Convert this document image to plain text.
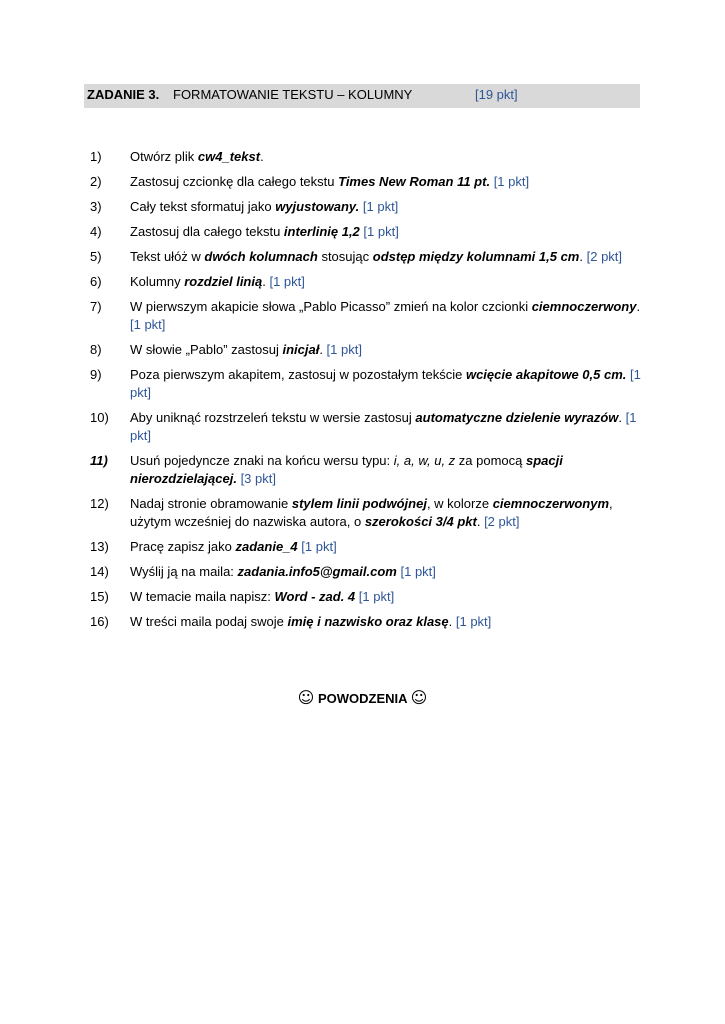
ZADANIE 3. FORMATOWANIE TEKSTU – KOLUMNY	[19 pkt]
1)	Otwórz plik cw4_tekst.
2)	Zastosuj czcionkę dla całego tekstu Times New Roman 11 pt. [1 pkt]
3)	Cały tekst sformatuj jako wyjustowany. [1 pkt]
4)	Zastosuj dla całego tekstu interlinię 1,2 [1 pkt]
5)	Tekst ułóż w dwóch kolumnach stosując odstęp między kolumnami 1,5 cm. [2 pkt]
6)	Kolumny rozdziel linią. [1 pkt]
7)	W pierwszym akapicie słowa „Pablo Picasso” zmień na kolor czcionki ciemnoczerwony. [1 pkt]
8)	W słowie „Pablo” zastosuj inicjał. [1 pkt]
9)	Poza pierwszym akapitem, zastosuj w pozostałym tekście wcięcie akapitowe 0,5 cm. [1 pkt]
10)	Aby uniknąć rozstrzeleń tekstu w wersie zastosuj automatyczne dzielenie wyrazów. [1 pkt]
11)	Usuń pojedyncze znaki na końcu wersu typu: i, a, w, u, z za pomocą spacji nierozdzielającej. [3 pkt]
12)	Nadaj stronie obramowanie stylem linii podwójnej, w kolorze ciemnoczerwonym, użytym wcześniej do nazwiska autora, o szerokości 3/4 pkt. [2 pkt]
13)	Pracę zapisz jako zadanie_4 [1 pkt]
14)	Wyślij ją na maila: zadania.info5@gmail.com [1 pkt]
15)	W temacie maila napisz: Word - zad. 4 [1 pkt]
16)	W treści maila podaj swoje imię i nazwisko oraz klasę. [1 pkt]
☺ POWODZENIA ☺
